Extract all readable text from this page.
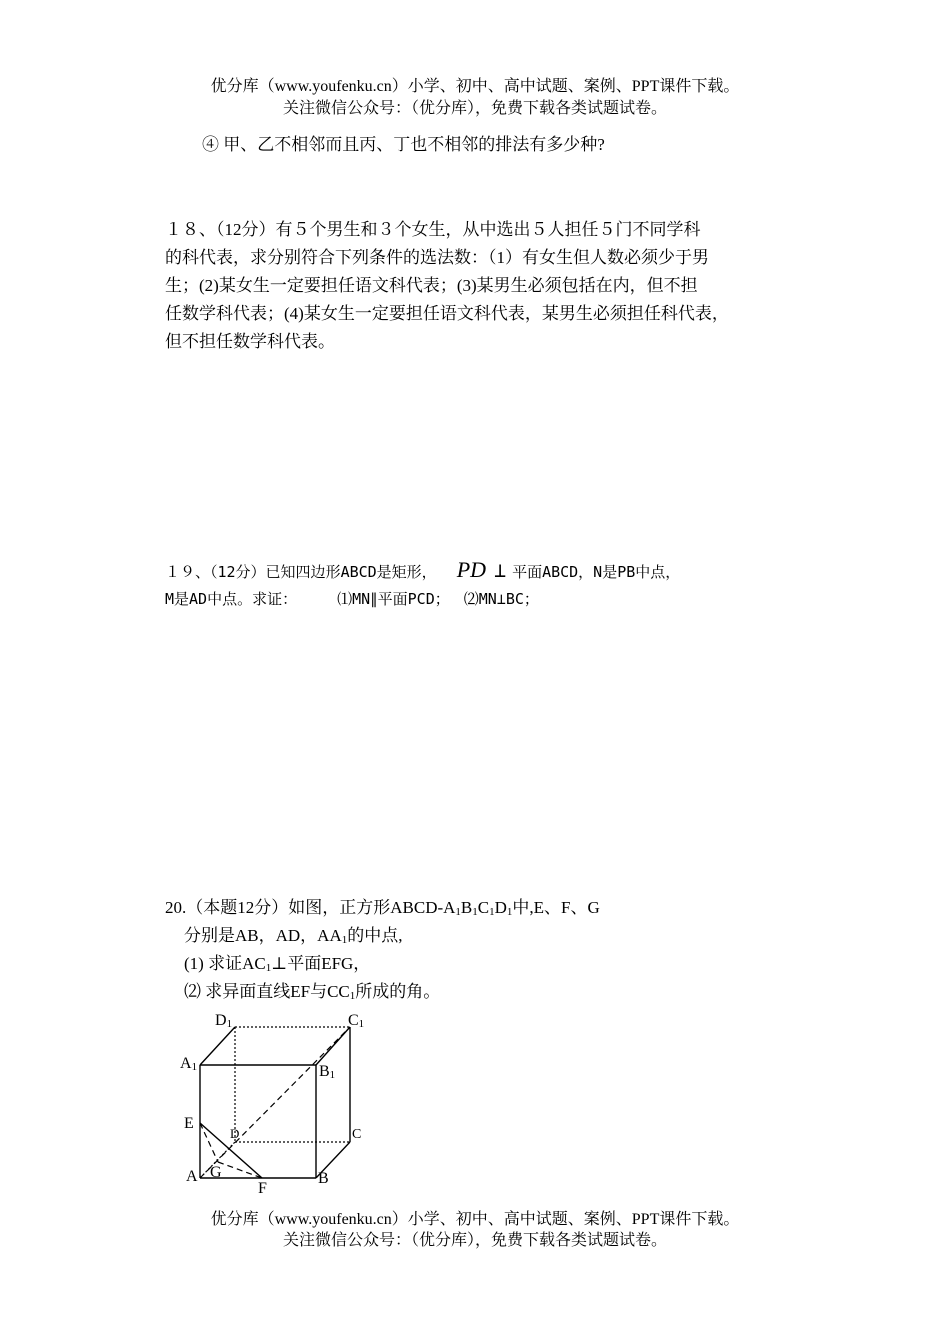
优分库（www.youfenku.cn）小学、初中、高中试题、案例、PPT课件下载。
关注微信公众号：（优分库），免费下载各类试题试卷。
④ 甲、乙不相邻而且丙、丁也不相邻的排法有多少种?
１８、（12分）有５个男生和３个女生，从中选出５人担任５门不同学科
的科代表，求分别符合下列条件的选法数：（1）有女生但人数必须少于男
生；(2)某女生一定要担任语文科代表；(3)某男生必须包括在内，但不担
任数学科代表；(4)某女生一定要担任语文科代表，某男生必须担任科代表，
但不担任数学科代表。
１９、（12分）已知四边形ABCD是矩形， PD ⊥ 平面ABCD，N是PB中点，
M是AD中点。求证：	⑴MN∥平面PCD； ⑵MN⊥BC；
20.（本题12分）如图，正方形ABCD-$A_1B_1C_1D_1$中,E、F、G
分别是AB，AD，$AA_1$的中点,
(1) 求证$AC_1\perp$平面EFG，
⑵ 求异面直线EF与$CC_1$所成的角。
$D_1$	$C_1$
$A_1$	$B_1$
E
D	C
A G
F
B
优分库（www.youfenku.cn）小学、初中、高中试题、案例、PPT课件下载。
关注微信公众号：（优分库），免费下载各类试题试卷。
